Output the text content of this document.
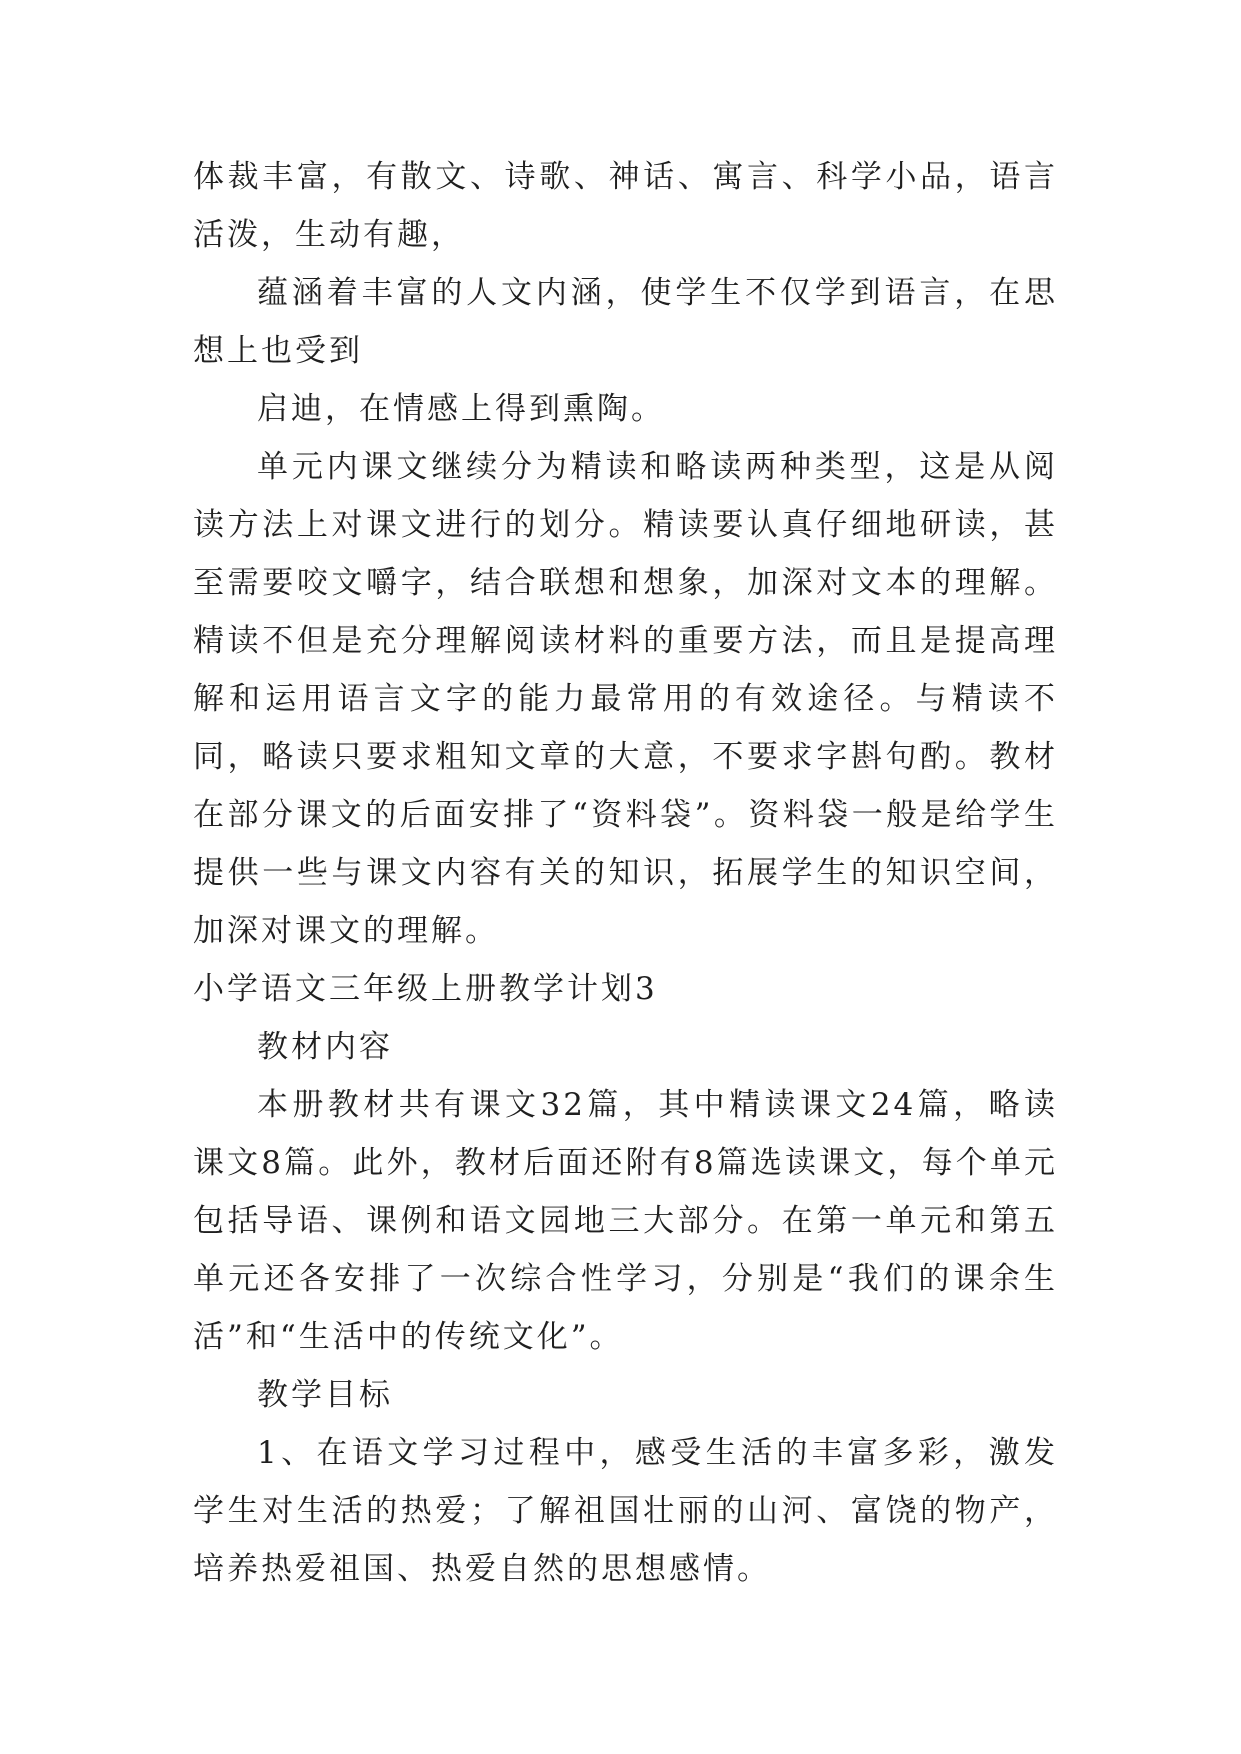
体裁丰富，有散文、诗歌、神话、寓言、科学小品，语言活泼，生动有趣，

蕴涵着丰富的人文内涵，使学生不仅学到语言，在思想上也受到

启迪，在情感上得到熏陶。

单元内课文继续分为精读和略读两种类型，这是从阅读方法上对课文进行的划分。精读要认真仔细地研读，甚至需要咬文嚼字，结合联想和想象，加深对文本的理解。精读不但是充分理解阅读材料的重要方法，而且是提高理解和运用语言文字的能力最常用的有效途径。与精读不同，略读只要求粗知文章的大意，不要求字斟句酌。教材在部分课文的后面安排了“资料袋”。资料袋一般是给学生提供一些与课文内容有关的知识，拓展学生的知识空间，加深对课文的理解。

小学语文三年级上册教学计划3

教材内容

本册教材共有课文32篇，其中精读课文24篇，略读课文8篇。此外，教材后面还附有8篇选读课文，每个单元包括导语、课例和语文园地三大部分。在第一单元和第五单元还各安排了一次综合性学习，分别是“我们的课余生活”和“生活中的传统文化”。

教学目标

1、在语文学习过程中，感受生活的丰富多彩，激发学生对生活的热爱；了解祖国壮丽的山河、富饶的物产，培养热爱祖国、热爱自然的思想感情。
